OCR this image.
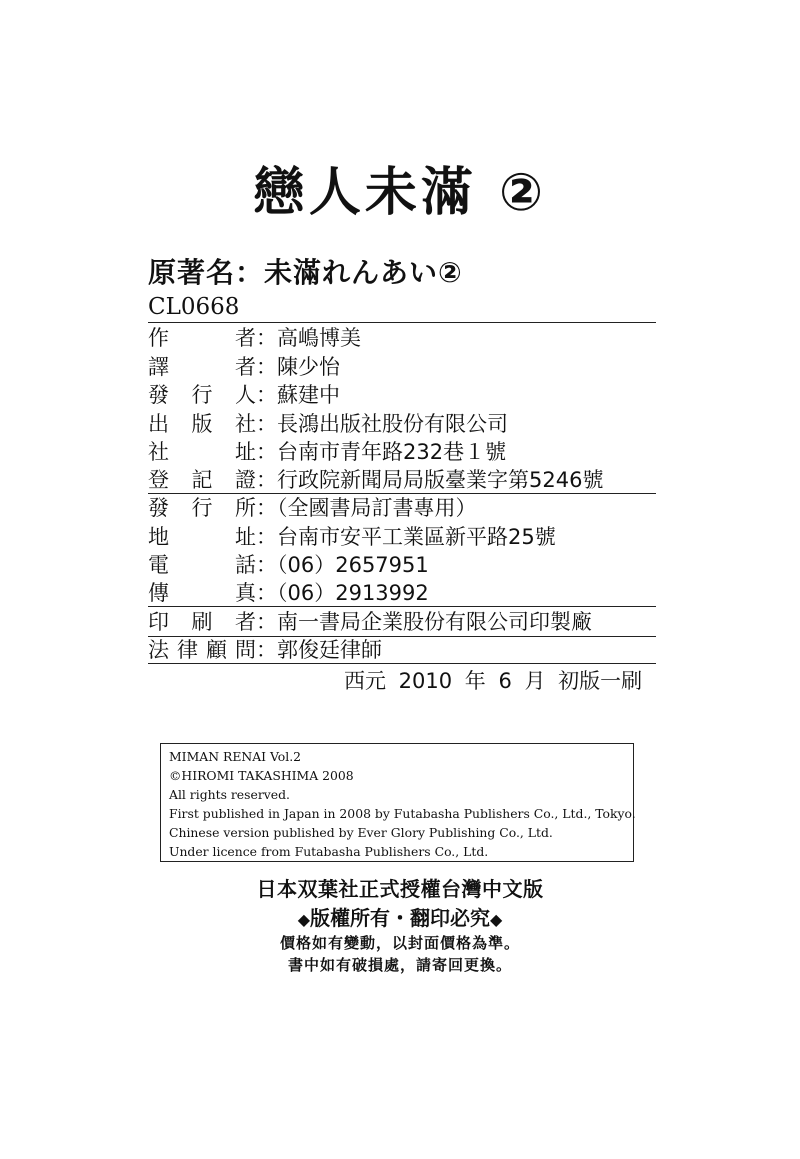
戀人未滿 ②
原著名：未滿れんあい②
CL0668
作者：高嶋博美
譯者：陳少怡
發行人：蘇建中
出版社：長鴻出版社股份有限公司
社址：台南市青年路232巷１號
登記證：行政院新聞局局版臺業字第5246號
發行所：（全國書局訂書專用）
地址：台南市安平工業區新平路25號
電話：（06）2657951
傳真：（06）2913992
印刷者：南一書局企業股份有限公司印製廠
法律顧問：郭俊廷律師
西元 2010 年 6 月 初版一刷
MIMAN RENAI Vol.2
©HIROMI TAKASHIMA 2008
All rights reserved.
First published in Japan in 2008 by Futabasha Publishers Co., Ltd., Tokyo.
Chinese version published by Ever Glory Publishing Co., Ltd.
Under licence from Futabasha Publishers Co., Ltd.
日本双葉社正式授權台灣中文版
◆版權所有・翻印必究◆
價格如有變動，以封面價格為準。
書中如有破損處，請寄回更換。
